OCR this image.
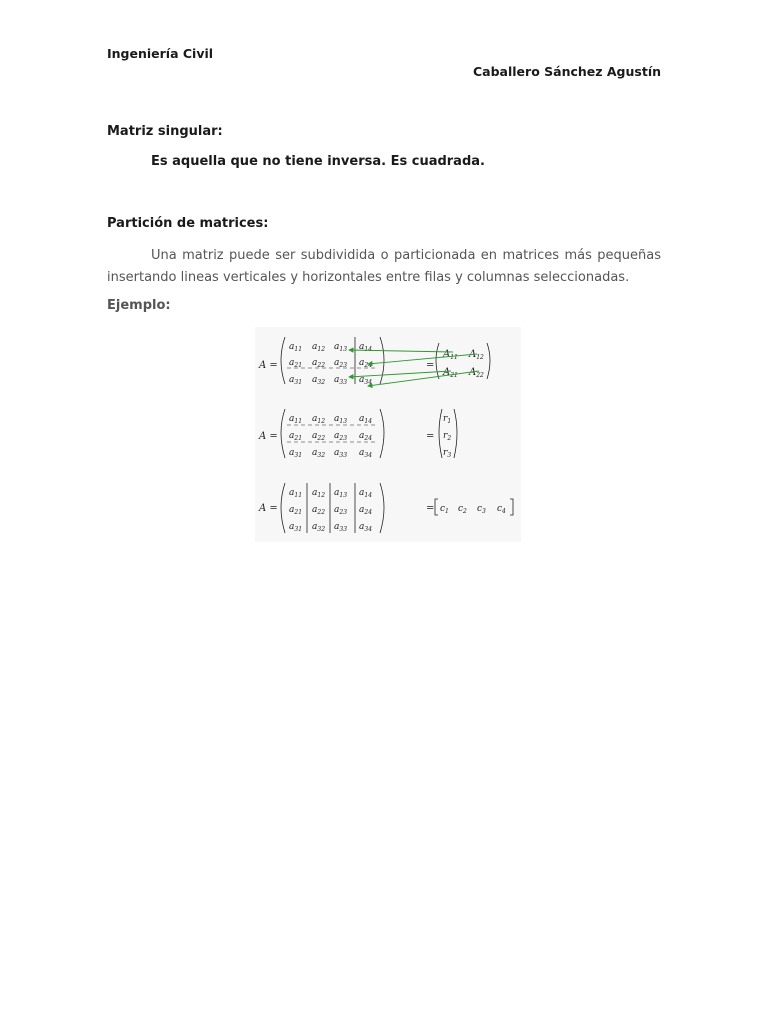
Ingeniería Civil
Caballero Sánchez Agustín
Matriz singular:
Es aquella que no tiene inversa. Es cuadrada.
Partición de matrices:
Una matriz puede ser subdividida o particionada en matrices más pequeñas insertando lineas verticales y horizontales entre filas y columnas seleccionadas.
Ejemplo:
A =
$a_{11}$ $a_{12}$ $a_{13}$ $a_{14}$
$a_{21}$ $a_{22}$ $a_{23}$ $a_{24}$
$a_{31}$ $a_{32}$ $a_{33}$ $a_{34}$
=
$A_{11}$ $A_{12}$
$A_{21}$ $A_{22}$
A =
$a_{11}$ $a_{12}$ $a_{13}$ $a_{14}$
$a_{21}$ $a_{22}$ $a_{23}$ $a_{24}$
$a_{31}$ $a_{32}$ $a_{33}$ $a_{34}$
=
$r_1$
$r_2$
$r_3$
A =
$a_{11}$ $a_{12}$ $a_{13}$ $a_{14}$
$a_{21}$ $a_{22}$ $a_{23}$ $a_{24}$
$a_{31}$ $a_{32}$ $a_{33}$ $a_{34}$
= $c_1$ $c_2$ $c_3$ $c_4$
